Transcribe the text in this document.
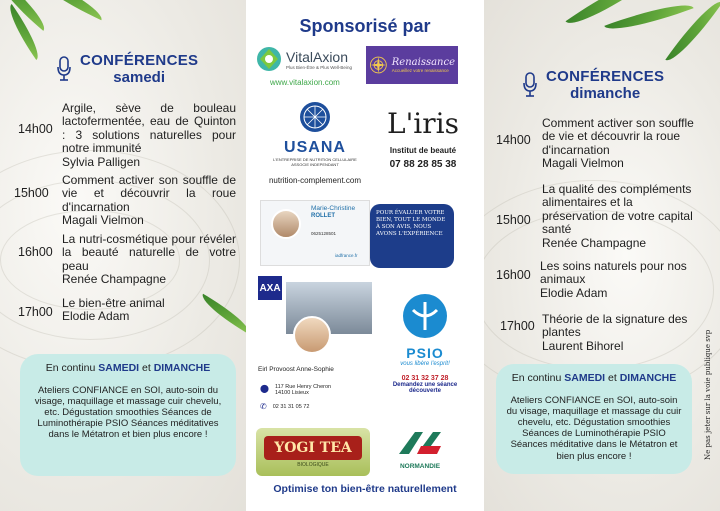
CONFÉRENCES
samedi
14h00
Argile, sève de bouleau lactofermentée, eau de Quinton : 3 solutions naturelles pour notre immunité
Sylvia Palligen
15h00
Comment activer son souffle de vie et découvrir la roue d'incarnation
Magali Vielmon
16h00
La nutri-cosmétique pour révéler la beauté naturelle de votre peau
Renée Champagne
17h00
Le bien-être animal
Elodie Adam
En continu SAMEDI et DIMANCHE
Ateliers CONFIANCE en SOI, auto-soin du visage, maquillage et massage cuir chevelu, etc. Dégustation smoothies Séances de Luminothérapie PSIO Séances méditatives dans le Métatron et bien plus encore !
Sponsorisé par
VitalAxion
Plus Bien-Être & Plus Well-Being
www.vitalaxion.com
Renaissance
Accueillez votre renaissance
USANA
L'ENTREPRISE DE NUTRITION CELLULAIRE
ASSOCIE INDEPENDANT
nutrition-complement.com
L'iris
Institut de beauté
07 88 28 85 38
Marie-Christine
ROLLET
0625128501
iadfrance.fr
POUR ÉVALUER VOTRE BIEN, TOUT LE MONDE À SON AVIS, NOUS AVONS L'EXPÉRIENCE
AXA
Eirl Provoost Anne-Sophie
⬤ 117 Rue Henry Cheron
14100 Lisieux
✆ 02 31 31 05 72
PSIO
vous libère l'esprit!
02 31 32 37 28
Demandez une séance découverte
YOGI TEA
BIOLOGIQUE	NORMANDIE
Optimise ton bien-être naturellement
CONFÉRENCES
dimanche
14h00
Comment activer son souffle de vie et découvrir la roue d'incarnation
Magali Vielmon
15h00
La qualité des compléments alimentaires et la préservation de votre capital santé
Renée Champagne
16h00
Les soins naturels pour nos animaux
Elodie Adam
17h00 Théorie de la signature des plantes
Laurent Bihorel
En continu SAMEDI et DIMANCHE
Ateliers CONFIANCE en SOI, auto-soin du visage, maquillage et massage du cuir chevelu, etc. Dégustation smoothies Séances de Luminothérapie PSIO Séances méditative dans le Métatron et bien plus encore !	Ne pas jeter sur la voie publique svp
